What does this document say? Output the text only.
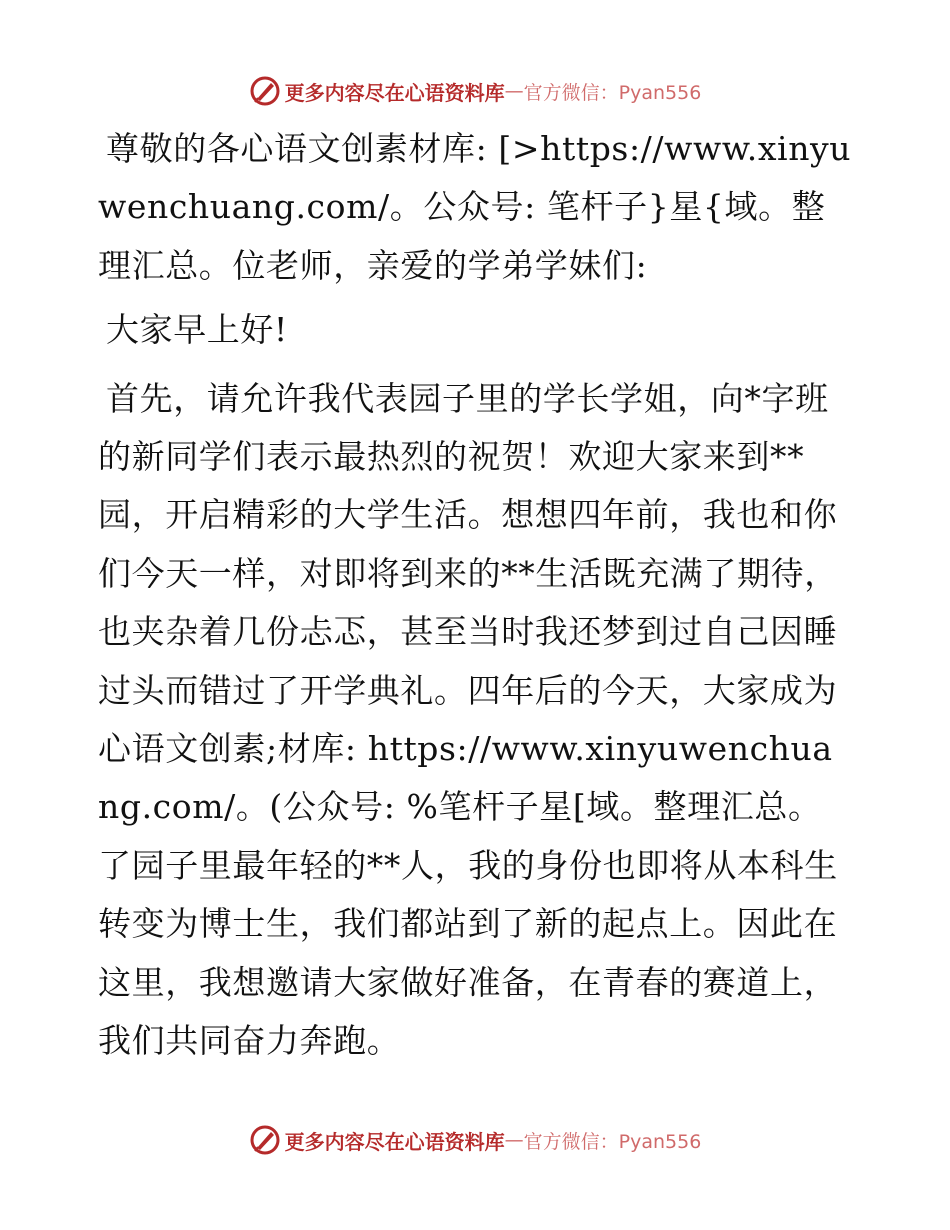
更多内容尽在心语资料库 — 官方微信：Pyan556

尊敬的各心语文创素材库: [>https://www.xinyuwenchuang.com/。公众号: 笔杆子}星{域。整理汇总。位老师，亲爱的学弟学妹们:

大家早上好!

首先，请允许我代表园子里的学长学姐，向*字班的新同学们表示最热烈的祝贺！欢迎大家来到**园，开启精彩的大学生活。想想四年前，我也和你们今天一样，对即将到来的**生活既充满了期待，也夹杂着几份忐忑，甚至当时我还梦到过自己因睡过头而错过了开学典礼。四年后的今天，大家成为心语文创素;材库: https://www.xinyuwenchuang.com/。(公众号: %笔杆子星[域。整理汇总。了园子里最年轻的**人，我的身份也即将从本科生转变为博士生，我们都站到了新的起点上。因此在这里，我想邀请大家做好准备，在青春的赛道上，我们共同奋力奔跑。

更多内容尽在心语资料库 — 官方微信：Pyan556
